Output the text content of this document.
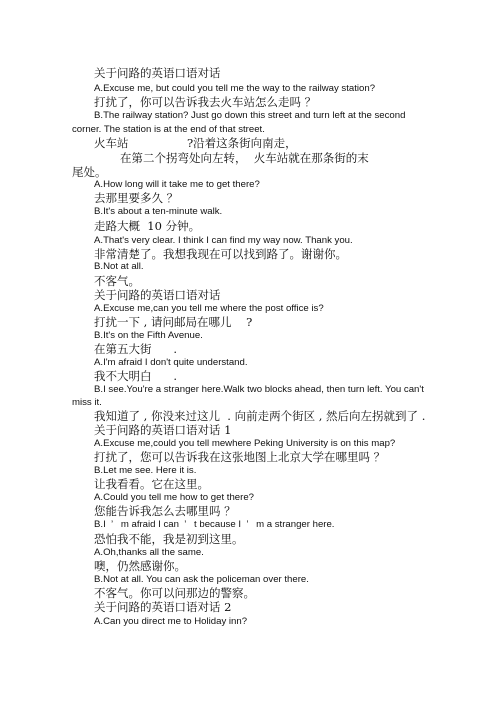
关于问路的英语口语对话
A.Excuse me, but could you tell me the way to the railway station?
打扰了，你可以告诉我去火车站怎么走吗 ？
B.The railway station? Just go down this street and turn left at the second
corner. The station is at the end of that street.
火车站                ?沿着这条街向南走，
在第二个拐弯处向左转，  火车站就在那条街的末
尾处。
A.How long will it take me to get there?
去那里要多久 ？
B.It's about a ten-minute walk.
走路大概  10 分钟。
A.That's very clear. I think I can find my way now. Thank you.
非常清楚了。我想我现在可以找到路了。谢谢你。
B.Not at all.
不客气。
关于问路的英语口语对话
A.Excuse me,can you tell me where the post office is?
打扰一下 , 请问邮局在哪儿    ?
B.It's on the Fifth Avenue.
在第五大街      .
A.I'm afraid I don't quite understand.
我不大明白      .
B.I see.You're a stranger here.Walk two blocks ahead, then turn left. You can't
miss it.
我知道了 , 你没来过这儿  . 向前走两个街区 , 然后向左拐就到了 .
关于问路的英语口语对话 1
A.Excuse me,could you tell mewhere Peking University is on this map?
打扰了，您可以告诉我在这张地图上北京大学在哪里吗 ？
B.Let me see. Here it is.
让我看看。它在这里。
A.Could you tell me how to get there?
您能告诉我怎么去哪里吗 ？
B.I  ’   m afraid I can  ’   t because I  ’   m a stranger here.
恐怕我不能，我是初到这里。
A.Oh,thanks all the same.
噢，仍然感谢你。
B.Not at all. You can ask the policeman over there.
不客气。你可以问那边的警察。
关于问路的英语口语对话 2
A.Can you direct me to Holiday inn?
